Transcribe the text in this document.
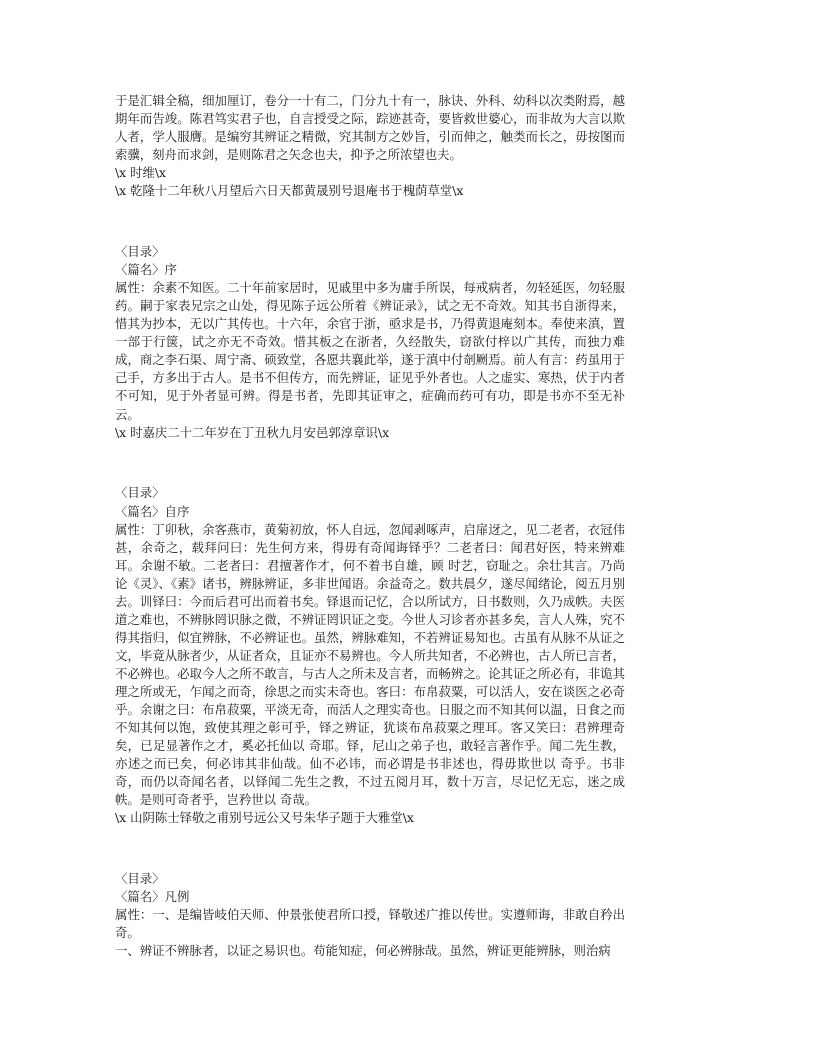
于是汇辑全稿，细加厘订，卷分一十有二，门分九十有一，脉诀、外科、幼科以次类附焉，越期年而告竣。陈君笃实君子也，自言授受之际，踪迹甚奇，要皆救世婆心，而非故为大言以欺人者，学人服膺。是编穷其辨证之精微，究其制方之妙旨，引而伸之，触类而长之，毋按图而索骥，刻舟而求剑，是则陈君之矢念也夫，抑予之所浓望也夫。

\x 时维\x

\x 乾隆十二年秋八月望后六日天都黄晟别号退庵书于槐荫草堂\x

〈目录〉

〈篇名〉序

属性：余素不知医。二十年前家居时，见戚里中多为庸手所误，每戒病者，勿轻延医，勿轻服药。嗣于家表兄宗之山处，得见陈子远公所着《辨证录》，试之无不奇效。知其书自浙得来，惜其为抄本，无以广其传也。十六年，余官于浙，亟求是书，乃得黄退庵刻本。奉使来滇，置一部于行箧，试之亦无不奇效。惜其板之在浙者，久经散失，窃欲付梓以广其传，而独力难成，商之李石渠、周宁斋、硕致堂，各愿共襄此举，遂于滇中付剞劂焉。前人有言：药虽用于己手，方多出于古人。是书不但传方，而先辨证，证见乎外者也。人之虚实、寒热，伏于内者不可知，见于外者显可辨。得是书者，先即其证审之，症确而药可有功，即是书亦不至无补云。

\x 时嘉庆二十二年岁在丁丑秋九月安邑郭淳章识\x

〈目录〉

〈篇名〉自序

属性：丁卯秋，余客燕市，黄菊初放，怀人自远，忽闻剥啄声，启扉迓之，见二老者，衣冠伟甚，余奇之，载拜问曰：先生何方来，得毋有奇闻诲铎乎？二老者曰：闻君好医，特来辨难耳。余谢不敏。二老者曰：君擅著作才，何不着书自雄，顾 时艺，窃耻之。余壮其言。乃尚论《灵》、《素》诸书，辨脉辨证，多非世闻语。余益奇之。数共晨夕，遂尽闻绪论，阅五月别去。训铎曰：今而后君可出而着书矣。铎退而记忆，合以所试方，日书数则，久乃成帙。夫医道之难也，不辨脉罔识脉之微，不辨证罔识证之变。今世人习诊者亦甚多矣，言人人殊，究不得其指归，似宜辨脉，不必辨证也。虽然，辨脉难知，不若辨证易知也。古虽有从脉不从证之文，毕竟从脉者少，从证者众，且证亦不易辨也。今人所共知者，不必辨也，古人所已言者，不必辨也。必取今人之所不敢言，与古人之所未及言者，而畅辨之。论其证之所必有，非诡其理之所或无，乍闻之而奇，徐思之而实未奇也。客曰：布帛菽粟，可以活人，安在谈医之必奇乎。余谢之曰：布帛菽粟，平淡无奇，而活人之理实奇也。日服之而不知其何以温，日食之而不知其何以饱，致使其理之彰可乎，铎之辨证，犹谈布帛菽粟之理耳。客又笑曰：君辨理奇矣，已足显著作之才，奚必托仙以 奇耶。铎，尼山之弟子也，敢轻言著作乎。闻二先生教，亦述之而已矣，何必讳其非仙哉。仙不必讳，而必谓是书非述也，得毋欺世以 奇乎。书非奇，而仍以奇闻名者，以铎闻二先生之教，不过五阅月耳，数十万言，尽记忆无忘，迷之成帙。是则可奇者乎，岂矜世以 奇哉。

\x 山阴陈士铎敬之甫别号远公又号朱华子题于大雅堂\x

〈目录〉

〈篇名〉凡例

属性：一、是编皆岐伯天师、仲景张使君所口授，铎敬述广推以传世。实遵师诲，非敢自矜出奇。

一、辨证不辨脉者，以证之易识也。苟能知症，何必辨脉哉。虽然，辨证更能辨脉，则治病
